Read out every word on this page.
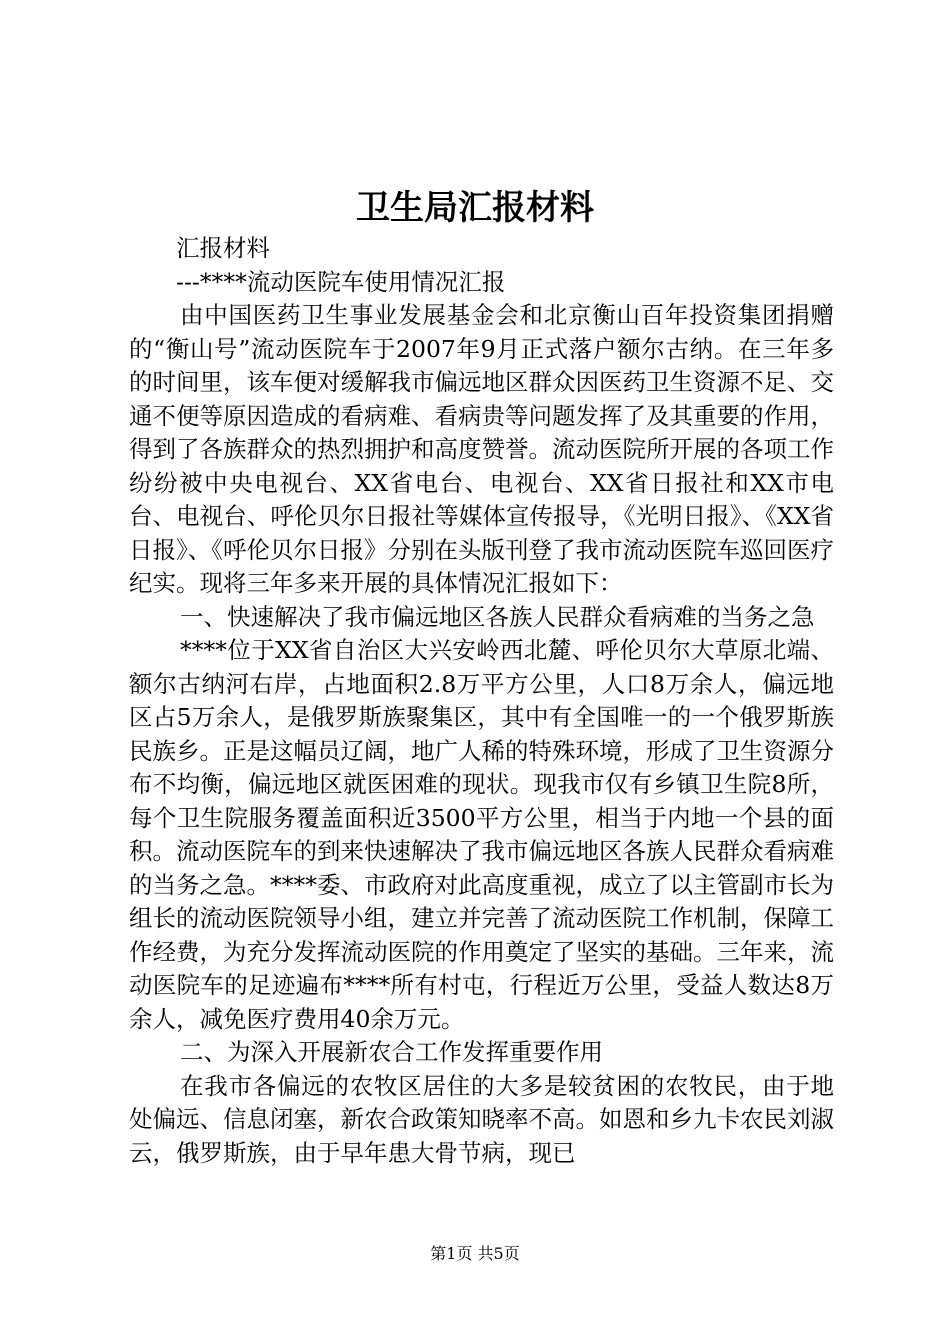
卫生局汇报材料

汇报材料

---****流动医院车使用情况汇报

由中国医药卫生事业发展基金会和北京衡山百年投资集团捐赠的“衡山号”流动医院车于2007年9月正式落户额尔古纳。在三年多的时间里，该车便对缓解我市偏远地区群众因医药卫生资源不足、交通不便等原因造成的看病难、看病贵等问题发挥了及其重要的作用，得到了各族群众的热烈拥护和高度赞誉。流动医院所开展的各项工作纷纷被中央电视台、XX省电台、电视台、XX省日报社和XX市电台、电视台、呼伦贝尔日报社等媒体宣传报导，《光明日报》、《XX省日报》、《呼伦贝尔日报》分别在头版刊登了我市流动医院车巡回医疗纪实。现将三年多来开展的具体情况汇报如下：

一、快速解决了我市偏远地区各族人民群众看病难的当务之急

****位于XX省自治区大兴安岭西北麓、呼伦贝尔大草原北端、额尔古纳河右岸，占地面积2.8万平方公里，人口8万余人，偏远地区占5万余人，是俄罗斯族聚集区，其中有全国唯一的一个俄罗斯族民族乡。正是这幅员辽阔，地广人稀的特殊环境，形成了卫生资源分布不均衡，偏远地区就医困难的现状。现我市仅有乡镇卫生院8所，每个卫生院服务覆盖面积近3500平方公里，相当于内地一个县的面积。流动医院车的到来快速解决了我市偏远地区各族人民群众看病难的当务之急。****委、市政府对此高度重视，成立了以主管副市长为组长的流动医院领导小组，建立并完善了流动医院工作机制，保障工作经费，为充分发挥流动医院的作用奠定了坚实的基础。三年来，流动医院车的足迹遍布****所有村屯，行程近万公里，受益人数达8万余人，减免医疗费用40余万元。

二、为深入开展新农合工作发挥重要作用

在我市各偏远的农牧区居住的大多是较贫困的农牧民，由于地处偏远、信息闭塞，新农合政策知晓率不高。如恩和乡九卡农民刘淑云，俄罗斯族，由于早年患大骨节病，现已

第1页 共5页
